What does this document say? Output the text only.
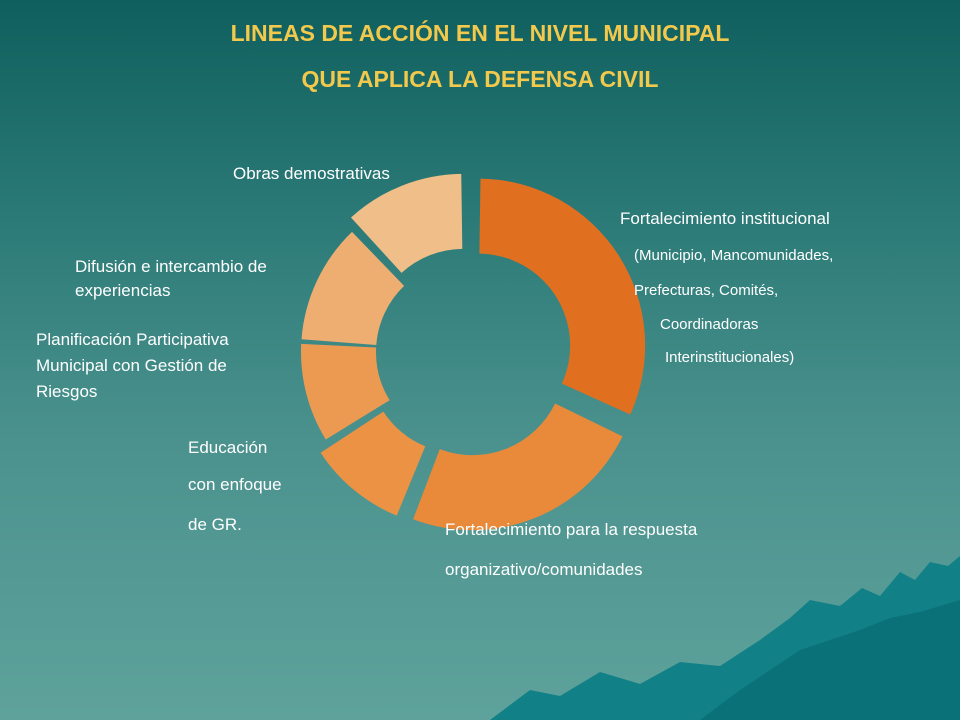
LINEAS DE ACCIÓN EN EL NIVEL MUNICIPAL
QUE APLICA LA DEFENSA CIVIL
Fortalecimiento institucional
(Municipio, Mancomunidades,
Prefecturas, Comités,
Coordinadoras
Interinstitucionales)
Fortalecimiento para la respuesta
organizativo/comunidades
Educación
con enfoque
de GR.
Planificación Participativa
Municipal con Gestión de
Riesgos
Difusión e intercambio de
experiencias
Obras demostrativas
